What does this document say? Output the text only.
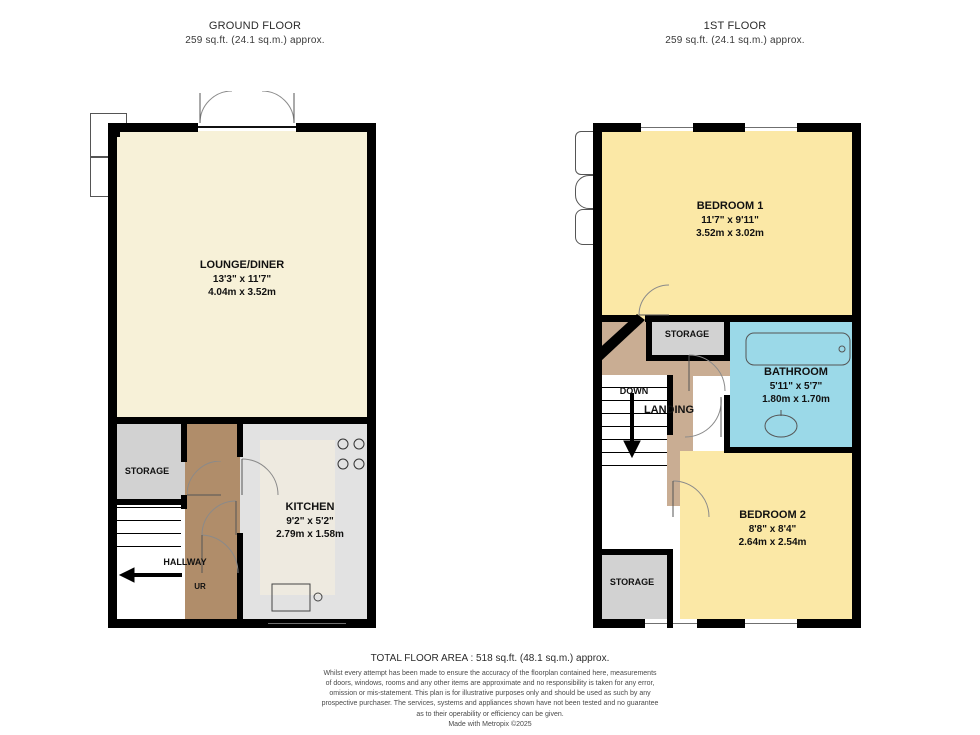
GROUND FLOOR
259 sq.ft. (24.1 sq.m.) approx.
1ST FLOOR
259 sq.ft. (24.1 sq.m.) approx.
LOUNGE/DINER
13'3" x 11'7"
4.04m x 3.52m
STORAGE
KITCHEN
9'2" x 5'2"
2.79m x 1.58m
HALLWAY
UR
BEDROOM 1
11'7" x 9'11"
3.52m x 3.02m
STORAGE
BATHROOM
5'11" x 5'7"
1.80m x 1.70m
DOWN
LANDING
BEDROOM 2
8'8" x 8'4"
2.64m x 2.54m
STORAGE
TOTAL FLOOR AREA : 518 sq.ft. (48.1 sq.m.) approx.
Whilst every attempt has been made to ensure the accuracy of the floorplan contained here, measurements
of doors, windows, rooms and any other items are approximate and no responsibility is taken for any error,
omission or mis-statement. This plan is for illustrative purposes only and should be used as such by any
prospective purchaser. The services, systems and appliances shown have not been tested and no guarantee
as to their operability or efficiency can be given.
Made with Metropix ©2025
